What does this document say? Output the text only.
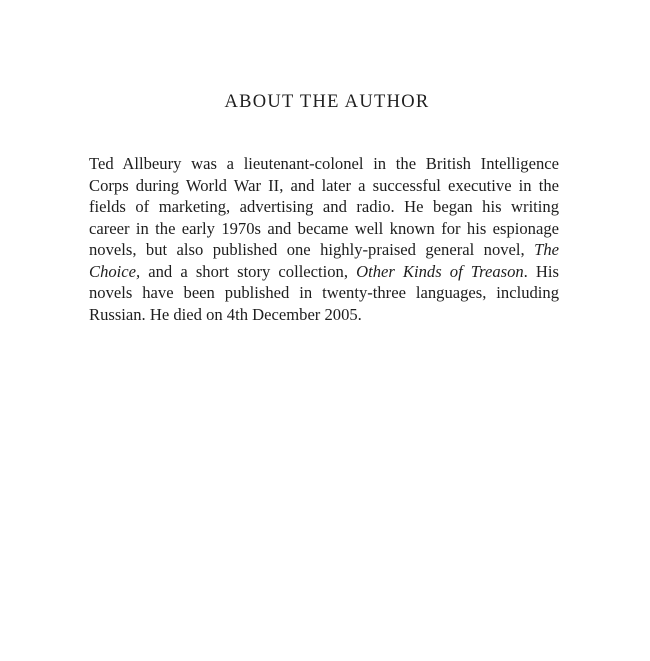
ABOUT THE AUTHOR

Ted Allbeury was a lieutenant-colonel in the British Intelligence
Corps during World War II, and later a successful executive in the
fields of marketing, advertising and radio. He began his writing
career in the early 1970s and became well known for his espionage
novels, but also published one highly-praised general novel, The
Choice, and a short story collection, Other Kinds of Treason. His
novels have been published in twenty-three languages, including
Russian. He died on 4th December 2005.
